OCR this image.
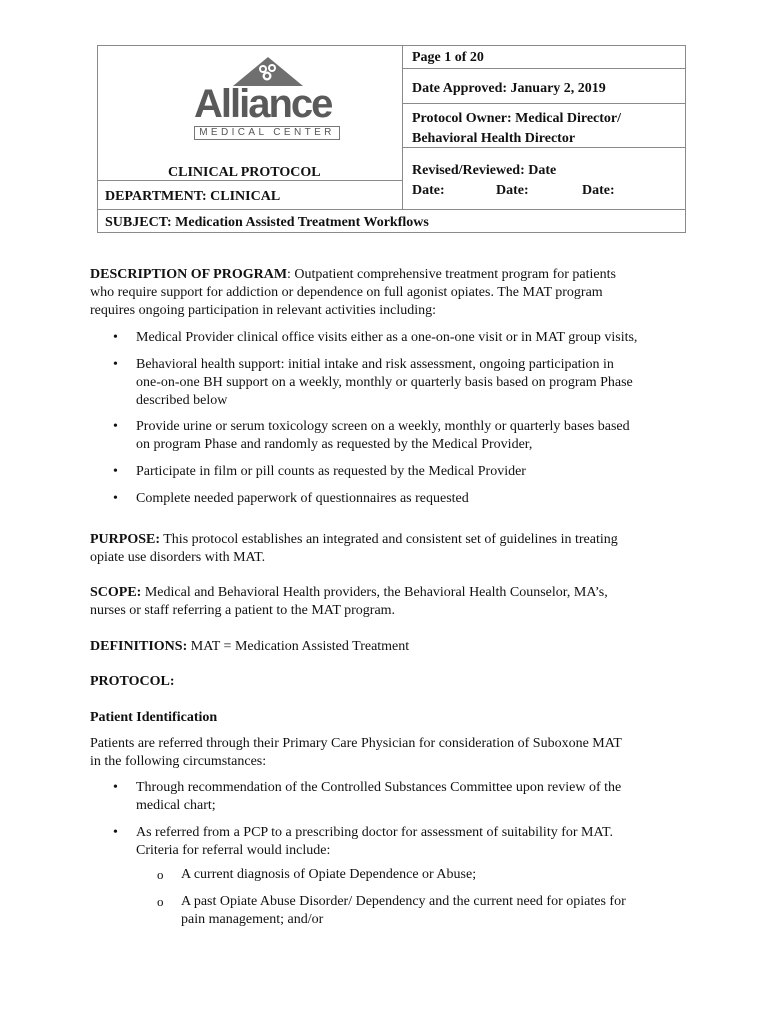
Alliance
MEDICAL CENTER
CLINICAL PROTOCOL
DEPARTMENT: CLINICAL
SUBJECT: Medication Assisted Treatment Workflows
Page 1 of 20
Date Approved: January 2, 2019
Protocol Owner: Medical Director/
Behavioral Health Director
Revised/Reviewed: Date
Date:	Date:	Date:
DESCRIPTION OF PROGRAM: Outpatient comprehensive treatment program for patients
who require support for addiction or dependence on full agonist opiates. The MAT program
requires ongoing participation in relevant activities including:
• Medical Provider clinical office visits either as a one-on-one visit or in MAT group visits,
• Behavioral health support: initial intake and risk assessment, ongoing participation in
one-on-one BH support on a weekly, monthly or quarterly basis based on program Phase
described below
• Provide urine or serum toxicology screen on a weekly, monthly or quarterly bases based
on program Phase and randomly as requested by the Medical Provider,
• Participate in film or pill counts as requested by the Medical Provider
• Complete needed paperwork of questionnaires as requested
PURPOSE: This protocol establishes an integrated and consistent set of guidelines in treating
opiate use disorders with MAT.
SCOPE: Medical and Behavioral Health providers, the Behavioral Health Counselor, MA’s,
nurses or staff referring a patient to the MAT program.
DEFINITIONS: MAT = Medication Assisted Treatment
PROTOCOL:
Patient Identification
Patients are referred through their Primary Care Physician for consideration of Suboxone MAT
in the following circumstances:
• Through recommendation of the Controlled Substances Committee upon review of the
medical chart;
• As referred from a PCP to a prescribing doctor for assessment of suitability for MAT.
Criteria for referral would include:
o A current diagnosis of Opiate Dependence or Abuse;
o A past Opiate Abuse Disorder/ Dependency and the current need for opiates for
pain management; and/or
